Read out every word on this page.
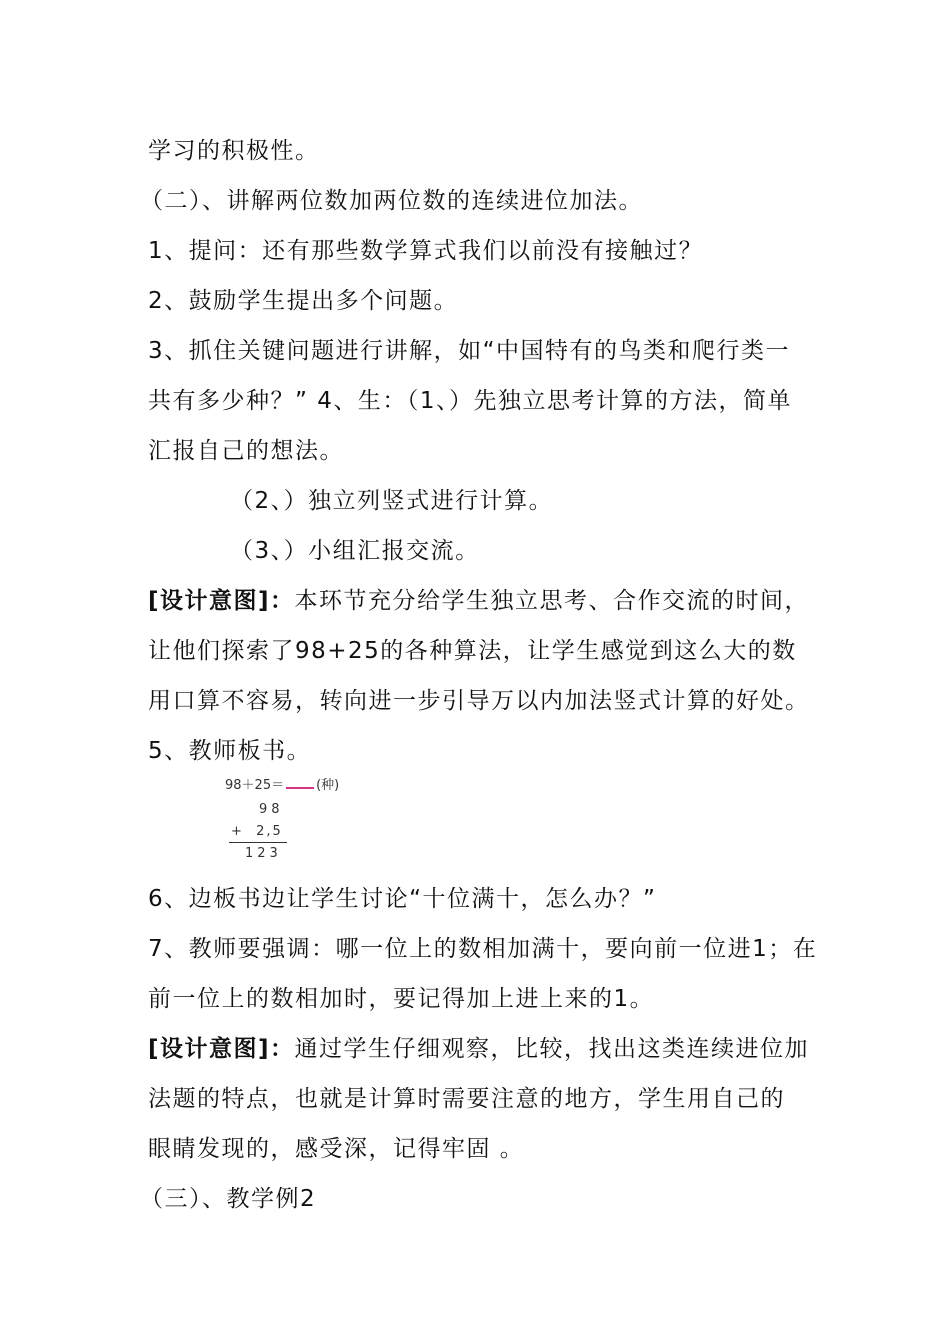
学习的积极性。
（二）、讲解两位数加两位数的连续进位加法。
1、提问：还有那些数学算式我们以前没有接触过？
2、鼓励学生提出多个问题。
3、抓住关键问题进行讲解，如“中国特有的鸟类和爬行类一
共有多少种？” 4、生：（1、）先独立思考计算的方法，简单
汇报自己的想法。
（2、）独立列竖式进行计算。
（3、）小组汇报交流。
[设计意图]：本环节充分给学生独立思考、合作交流的时间，
让他们探索了98+25的各种算法，让学生感觉到这么大的数
用口算不容易，转向进一步引导万以内加法竖式计算的好处。
5、教师板书。
98＋25＝ (种)
98
+  2,5
123
6、边板书边让学生讨论“十位满十，怎么办？”
7、教师要强调：哪一位上的数相加满十，要向前一位进1；在
前一位上的数相加时，要记得加上进上来的1。
[设计意图]：通过学生仔细观察，比较，找出这类连续进位加
法题的特点，也就是计算时需要注意的地方，学生用自己的
眼睛发现的，感受深，记得牢固 。
（三）、教学例2
